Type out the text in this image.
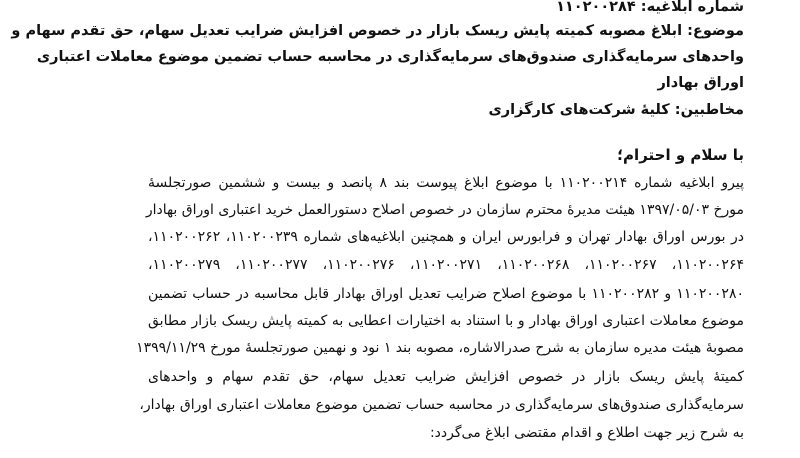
شماره ابلاغیه: ۱۱۰۲۰۰۲۸۴
موضوع: ابلاغ مصوبه کمیته پایش ریسک بازار در خصوص افزایش ضرایب تعدیل سهام، حق تقدم سهام و
واحدهای سرمایه‌گذاری صندوق‌های سرمایه‌گذاری در محاسبه حساب تضمین موضوع معاملات اعتباری
اوراق بهادار
مخاطبین: کلیهٔ شرکت‌های کارگزاری
با سلام و احترام؛
پیرو ابلاغیه شماره ۱۱۰۲۰۰۲۱۴ با موضوع ابلاغ پیوست بند ۸ پانصد و بیست و ششمین صورتجلسهٔ
مورخ ۱۳۹۷/۰۵/۰۳ هیئت مدیرهٔ محترم سازمان در خصوص اصلاح دستورالعمل خرید اعتباری اوراق بهادار
در بورس اوراق بهادار تهران و فرابورس ایران و همچنین ابلاغیه‌های شماره ۱۱۰۲۰۰۲۳۹، ۱۱۰۲۰۰۲۶۲،
۱۱۰۲۰۰۲۶۴، ۱۱۰۲۰۰۲۶۷، ۱۱۰۲۰۰۲۶۸، ۱۱۰۲۰۰۲۷۱، ۱۱۰۲۰۰۲۷۶، ۱۱۰۲۰۰۲۷۷، ۱۱۰۲۰۰۲۷۹،
۱۱۰۲۰۰۲۸۰ و ۱۱۰۲۰۰۲۸۲ با موضوع اصلاح ضرایب تعدیل اوراق بهادار قابل محاسبه در حساب تضمین
موضوع معاملات اعتباری اوراق بهادار و با استناد به اختیارات اعطایی به کمیته پایش ریسک بازار مطابق
مصوبهٔ هیئت مدیره سازمان به شرح صدرالاشاره، مصوبه بند ۱ نود و نهمین صورتجلسهٔ مورخ ۱۳۹۹/۱۱/۲۹
کمیتهٔ پایش ریسک بازار در خصوص افزایش ضرایب تعدیل سهام، حق تقدم سهام و واحدهای
سرمایه‌گذاری صندوق‌های سرمایه‌گذاری در محاسبه حساب تضمین موضوع معاملات اعتباری اوراق بهادار،
به شرح زیر جهت اطلاع و اقدام مقتضی ابلاغ می‌گردد:
